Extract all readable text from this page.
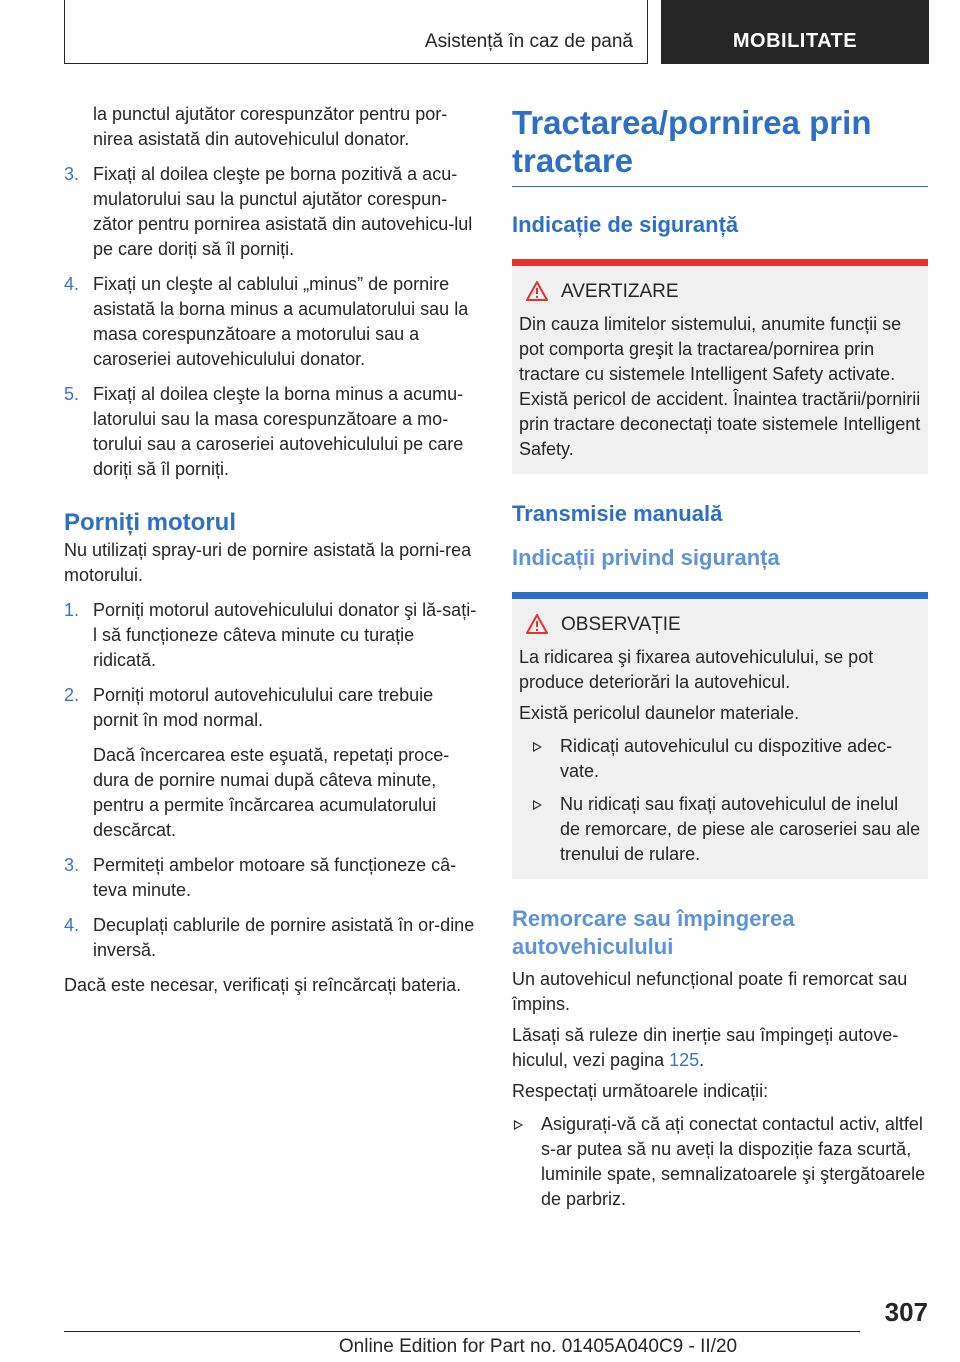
Asistență în caz de pană	MOBILITATE

la punctul ajutător corespunzător pentru por-nirea asistată din autovehiculul donator.

3. Fixați al doilea cleşte pe borna pozitivă a acu-mulatorului sau la punctul ajutător corespun-zător pentru pornirea asistată din autovehicu-lul pe care doriți să îl porniți.
4. Fixați un cleşte al cablului „minus” de pornire asistată la borna minus a acumulatorului sau la masa corespunzătoare a motorului sau a caroseriei autovehiculului donator.
5. Fixați al doilea cleşte la borna minus a acumu-latorului sau la masa corespunzătoare a mo-torului sau a caroseriei autovehiculului pe care doriți să îl porniți.
Porniți motorul

Nu utilizați spray-uri de pornire asistată la porni-rea motorului.

1. Porniți motorul autovehiculului donator şi lă-sați-l să funcționeze câteva minute cu turație ridicată.
2. Porniți motorul autovehiculului care trebuie pornit în mod normal.

Dacă încercarea este eşuată, repetați proce-dura de pornire numai după câteva minute, pentru a permite încărcarea acumulatorului descărcat.

3. Permiteți ambelor motoare să funcționeze câ-teva minute.
4. Decuplați cablurile de pornire asistată în or-dine inversă.

Dacă este necesar, verificați şi reîncărcați bateria.

Tractarea/pornirea prin tractare
Indicație de siguranță
AVERTIZARE

Din cauza limitelor sistemului, anumite funcții se pot comporta greşit la tractarea/pornirea prin tractare cu sistemele Intelligent Safety activate. Există pericol de accident. Înaintea tractării/pornirii prin tractare deconectați toate sistemele Intelligent Safety.

Transmisie manuală
Indicații privind siguranța
OBSERVAȚIE

La ridicarea şi fixarea autovehiculului, se pot produce deteriorări la autovehicul.

Există pericolul daunelor materiale.

Ridicați autovehiculul cu dispozitive adec-vate.
Nu ridicați sau fixați autovehiculul de inelul de remorcare, de piese ale caroseriei sau ale trenului de rulare.
Remorcare sau împingerea autovehiculului

Un autovehicul nefuncțional poate fi remorcat sau împins.

Lăsați să ruleze din inerție sau împingeți autove-hiculul, vezi pagina 125.

Respectați următoarele indicații:

Asigurați-vă că ați conectat contactul activ, altfel s-ar putea să nu aveți la dispoziție faza scurtă, luminile spate, semnalizatoarele şi ştergătoarele de parbriz.
307
Online Edition for Part no. 01405A040C9 - II/20
